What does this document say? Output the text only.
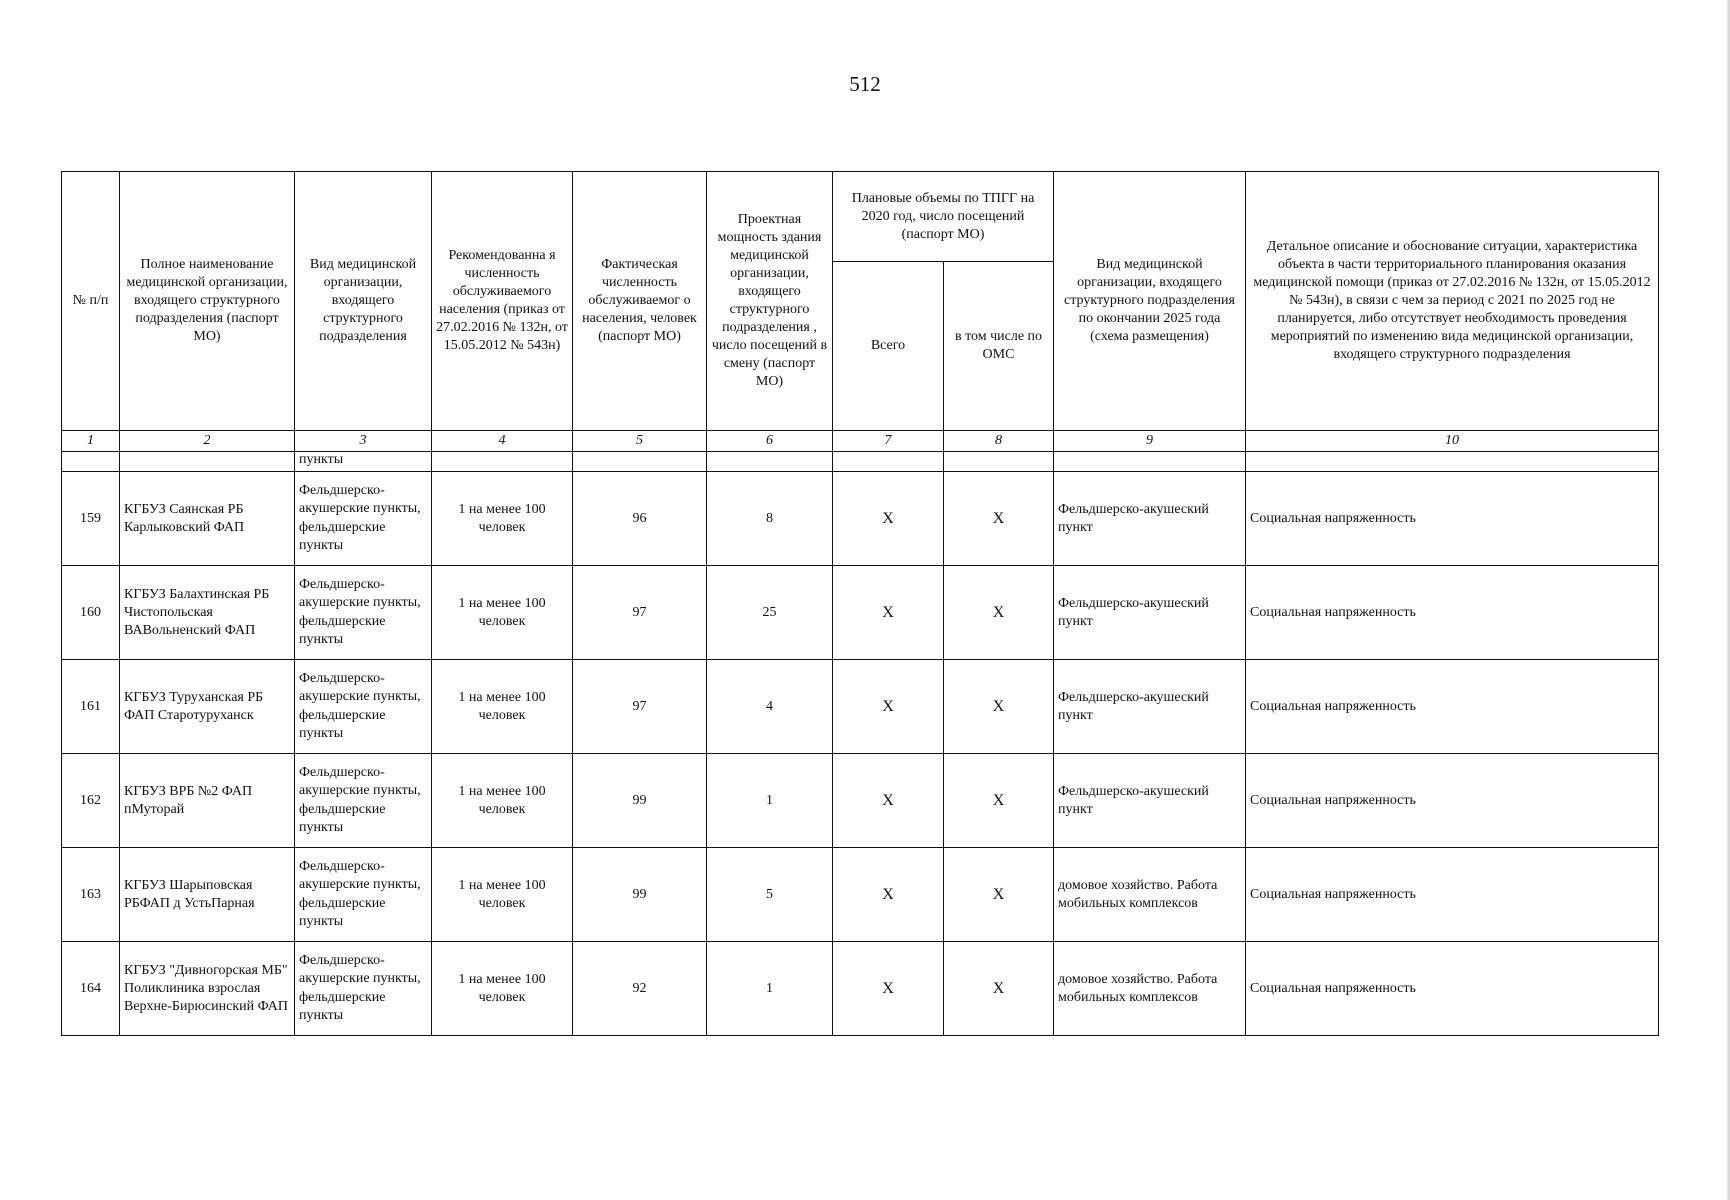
512
№ п/п	Полное наименование медицинской организации, входящего структурного подразделения (паспорт МО)	Вид медицинской организации, входящего структурного подразделения	Рекомендованна я численность обслуживаемого населения (приказ от 27.02.2016 № 132н, от 15.05.2012 № 543н)	Фактическая численность обслуживаемог о населения, человек (паспорт МО)	Проектная мощность здания медицинской организации, входящего структурного подразделения , число посещений в смену (паспорт МО)	Плановые объемы по ТПГГ на 2020 год, число посещений (паспорт МО)		Вид медицинской организации, входящего структурного подразделения по окончании 2025 года (схема размещения)	Детальное описание и обоснование ситуации, характеристика объекта в части территориального планирования оказания медицинской помощи (приказ от 27.02.2016 № 132н, от 15.05.2012 № 543н), в связи с чем за период с 2021 по 2025 год не планируется, либо отсутствует необходимость проведения мероприятий по изменению вида медицинской организации, входящего структурного подразделения
						Всего	в том числе по ОМС		
1	2	3	4	5	6	7	8	9	10
		пункты							
159	КГБУЗ Саянская РБ Карлыковский ФАП	Фельдшерско-акушерские пункты, фельдшерские пункты	1 на менее 100 человек	96	8	Х	Х	Фельдшерско-акушеский пункт	Социальная напряженность
160	КГБУЗ Балахтинская РБ Чистопольская ВАВольненский ФАП	Фельдшерско-акушерские пункты, фельдшерские пункты	1 на менее 100 человек	97	25	Х	Х	Фельдшерско-акушеский пункт	Социальная напряженность
161	КГБУЗ Туруханская РБ ФАП Старотуруханск	Фельдшерско-акушерские пункты, фельдшерские пункты	1 на менее 100 человек	97	4	Х	Х	Фельдшерско-акушеский пункт	Социальная напряженность
162	КГБУЗ ВРБ №2 ФАП пМуторай	Фельдшерско-акушерские пункты, фельдшерские пункты	1 на менее 100 человек	99	1	Х	Х	Фельдшерско-акушеский пункт	Социальная напряженность
163	КГБУЗ Шарыповская РБФАП д УстьПарная	Фельдшерско-акушерские пункты, фельдшерские пункты	1 на менее 100 человек	99	5	Х	Х	домовое хозяйство. Работа мобильных комплексов	Социальная напряженность
164	КГБУЗ "Дивногорская МБ" Поликлиника взрослая Верхне-Бирюсинский ФАП	Фельдшерско-акушерские пункты, фельдшерские пункты	1 на менее 100 человек	92	1	Х	Х	домовое хозяйство. Работа мобильных комплексов	Социальная напряженность
